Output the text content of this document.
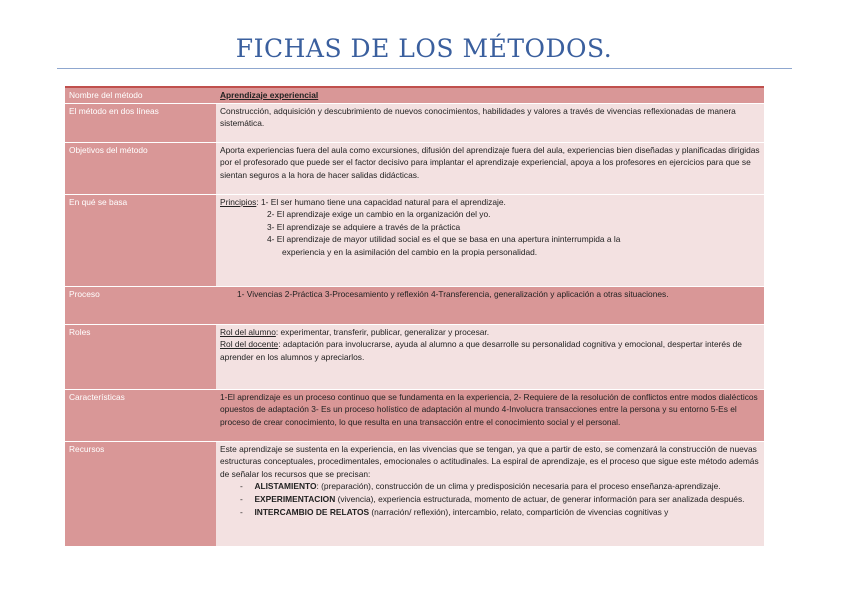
FICHAS DE LOS MÉTODOS.
Nombre del método	Aprendizaje experiencial
El método en dos líneas	Construcción, adquisición y descubrimiento de nuevos conocimientos, habilidades y valores a través de vivencias reflexionadas de manera sistemática.
Objetivos del método	Aporta experiencias fuera del aula como excursiones, difusión del aprendizaje fuera del aula, experiencias bien diseñadas y planificadas dirigidas por el profesorado que puede ser el factor decisivo para implantar el aprendizaje experiencial, apoya a los profesores en ejercicios para que se sientan seguros a la hora de hacer salidas didácticas.
En qué se basa	Principios: 1- El ser humano tiene una capacidad natural para el aprendizaje.
2- El aprendizaje exige un cambio en la organización del yo.
3- El aprendizaje se adquiere a través de la práctica
4- El aprendizaje de mayor utilidad social es el que se basa en una apertura ininterrumpida a la
experiencia y en la asimilación del cambio en la propia personalidad.

Proceso	1- Vivencias 2-Práctica 3-Procesamiento y reflexión 4-Transferencia, generalización y aplicación a otras situaciones.

Roles	Rol del alumno: experimentar, transferir, publicar, generalizar y procesar.
Rol del docente: adaptación para involucrarse, ayuda al alumno a que desarrolle su personalidad cognitiva y emocional, despertar interés de aprender en los alumnos y apreciarlos.

Características	1-El aprendizaje es un proceso continuo que se fundamenta en la experiencia, 2- Requiere de la resolución de conflictos entre modos dialécticos opuestos de adaptación 3- Es un proceso holístico de adaptación al mundo 4-Involucra transacciones entre la persona y su entorno 5-Es el proceso de crear conocimiento, lo que resulta en una transacción entre el conocimiento social y el personal.
Recursos	Este aprendizaje se sustenta en la experiencia, en las vivencias que se tengan, ya que a partir de esto, se comenzará la construcción de nuevas estructuras conceptuales, procedimentales, emocionales o actitudinales. La espiral de aprendizaje, es el proceso que sigue este método además de señalar los recursos que se precisan:
-     ALISTAMIENTO: (preparación), construcción de un clima y predisposición necesaria para el proceso enseñanza-aprendizaje.
-     EXPERIMENTACION (vivencia), experiencia estructurada, momento de actuar, de generar información para ser analizada después.
-     INTERCAMBIO DE RELATOS (narración/ reflexión), intercambio, relato, compartición de vivencias cognitivas y
